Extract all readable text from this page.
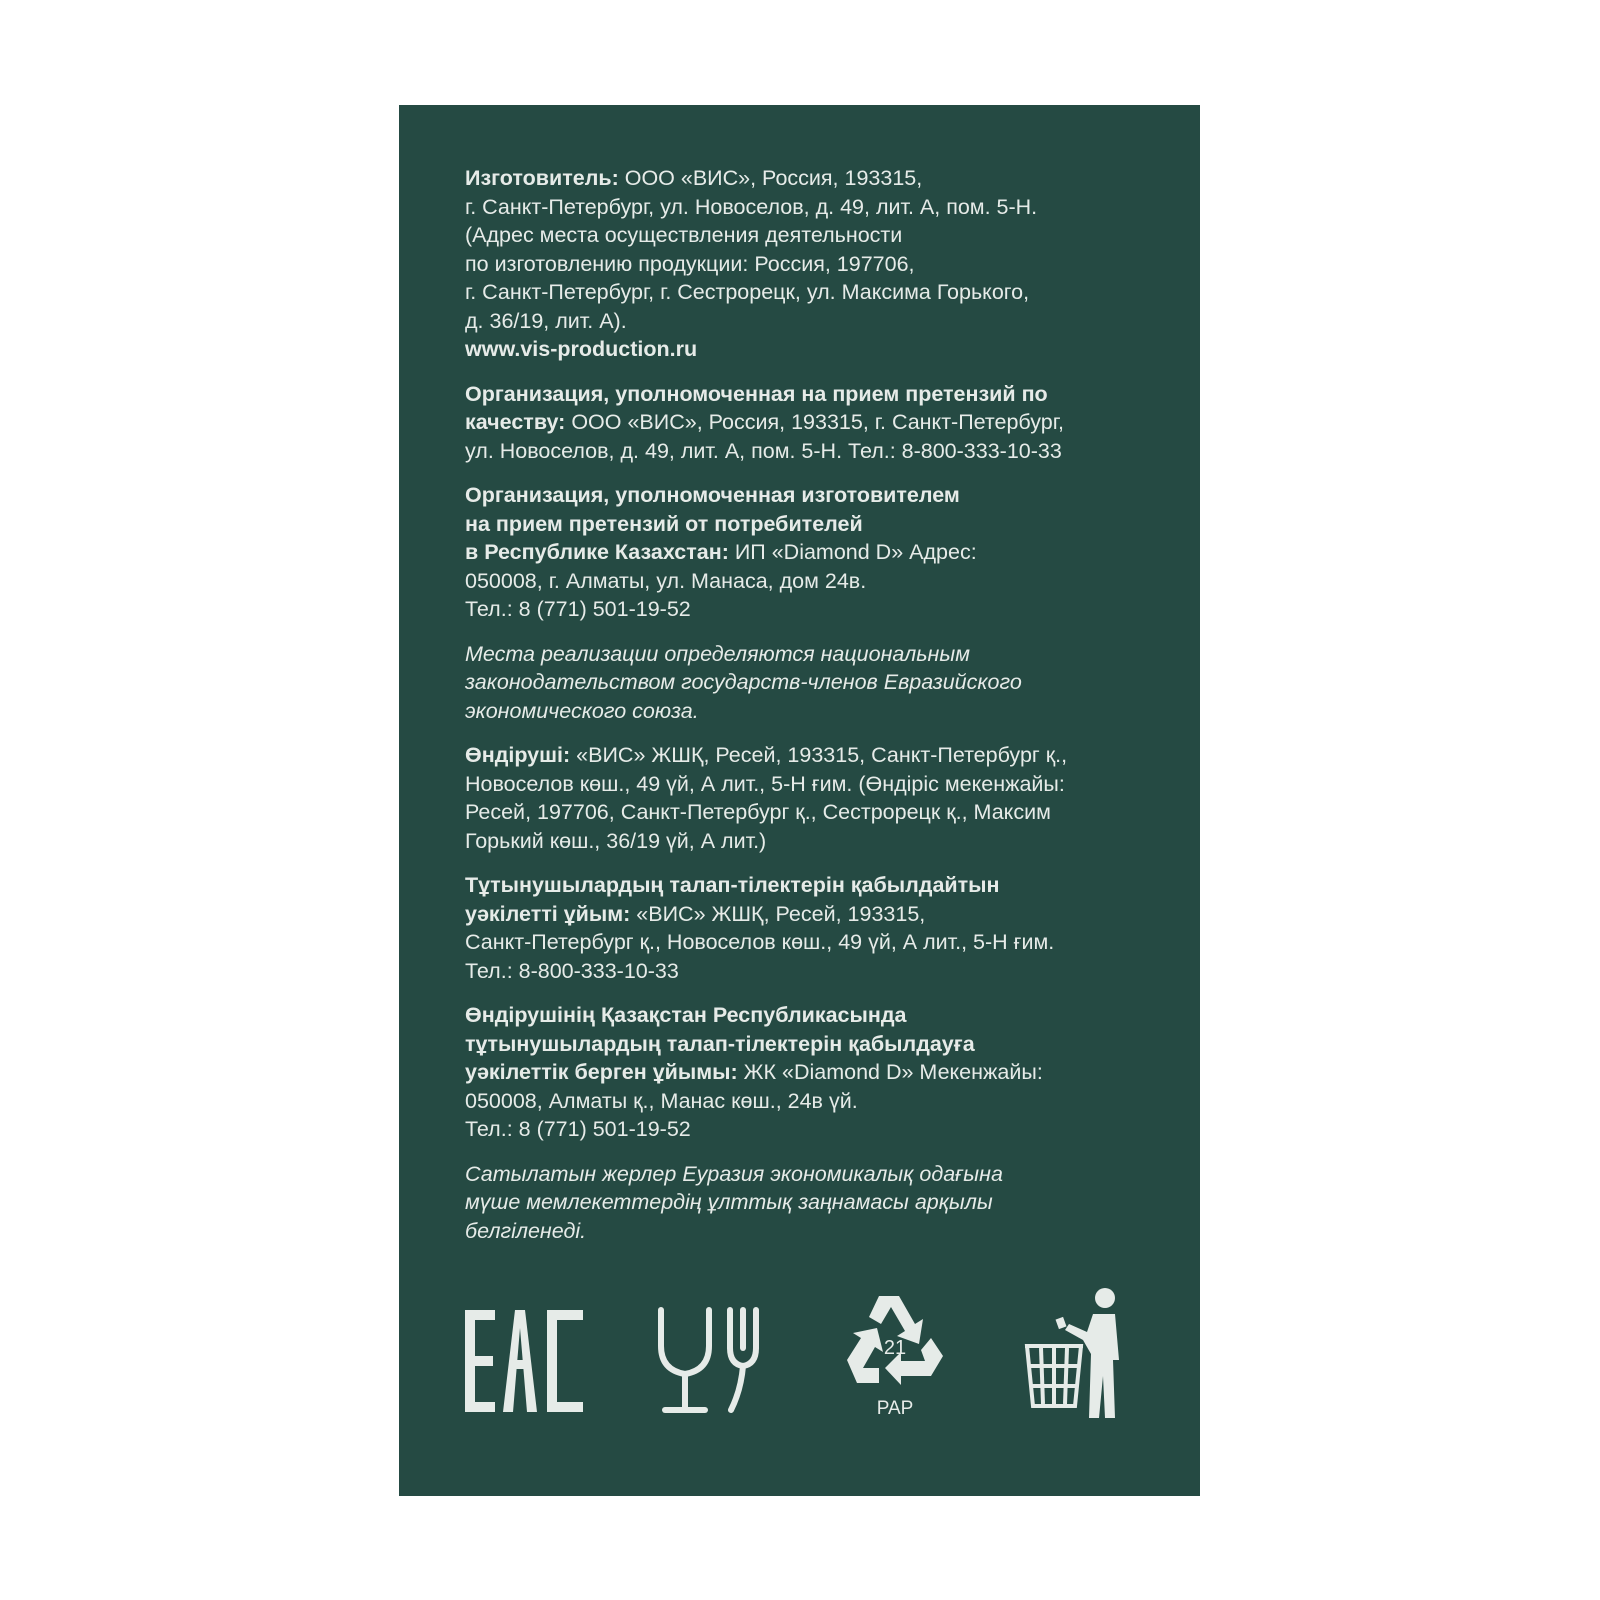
Изготовитель: ООО «ВИС», Россия, 193315,
г. Санкт-Петербург, ул. Новоселов, д. 49, лит. А, пом. 5-Н.
(Адрес места осуществления деятельности
по изготовлению продукции: Россия, 197706,
г. Санкт-Петербург, г. Сестрорецк, ул. Максима Горького,
д. 36/19, лит. А).
www.vis-production.ru
Организация, уполномоченная на прием претензий по
качеству: ООО «ВИС», Россия, 193315, г. Санкт-Петербург,
ул. Новоселов, д. 49, лит. А, пом. 5-Н. Тел.: 8-800-333-10-33
Организация, уполномоченная изготовителем
на прием претензий от потребителей
в Республике Казахстан: ИП «Diamond D» Адрес:
050008, г. Алматы, ул. Манаса, дом 24в.
Тел.: 8 (771) 501-19-52
Места реализации определяются национальным
законодательством государств-членов Евразийского
экономического союза.
Өндіруші: «ВИС» ЖШҚ, Ресей, 193315, Санкт-Петербург қ.,
Новоселов көш., 49 үй, А лит., 5-Н ғим. (Өндіріс мекенжайы:
Ресей, 197706, Санкт-Петербург қ., Сестрорецк қ., Максим
Горький көш., 36/19 үй, А лит.)
Тұтынушылардың талап-тілектерін қабылдайтын
уәкілетті ұйым: «ВИС» ЖШҚ, Ресей, 193315,
Санкт-Петербург қ., Новоселов көш., 49 үй, А лит., 5-Н ғим.
Тел.: 8-800-333-10-33
Өндірушінің Қазақстан Республикасында
тұтынушылардың талап-тілектерін қабылдауға
уәкілеттік берген ұйымы: ЖК «Diamond D» Мекенжайы:
050008, Алматы қ., Манас көш., 24в үй.
Тел.: 8 (771) 501-19-52
Сатылатын жерлер Еуразия экономикалық одағына
мүше мемлекеттердің ұлттық заңнамасы арқылы
белгіленеді.
21
PAP
